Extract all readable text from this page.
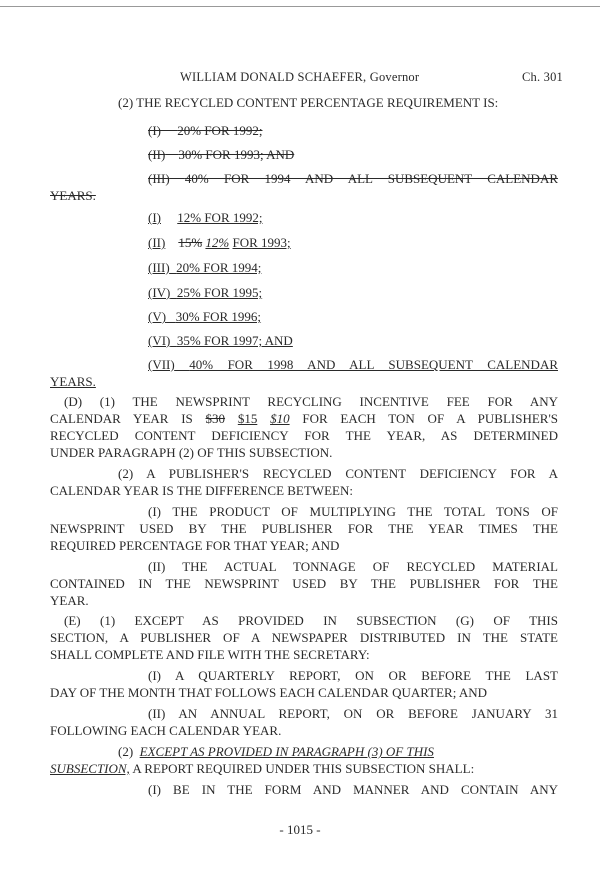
WILLIAM DONALD SCHAEFER, Governor	Ch. 301
(2) THE RECYCLED CONTENT PERCENTAGE REQUIREMENT IS:
(I) 20% FOR 1992;
(II) 30% FOR 1993; AND
(III) 40% FOR 1994 AND ALL SUBSEQUENT CALENDAR
YEARS.
(I) 12% FOR 1992;
(II) 15% 12% FOR 1993;
(III) 20% FOR 1994;
(IV) 25% FOR 1995;
(V) 30% FOR 1996;
(VI) 35% FOR 1997; AND
(VII) 40% FOR 1998 AND ALL SUBSEQUENT CALENDAR
YEARS.
(D) (1) THE NEWSPRINT RECYCLING INCENTIVE FEE FOR ANY
CALENDAR YEAR IS $30 $15 $10 FOR EACH TON OF A PUBLISHER'S
RECYCLED CONTENT DEFICIENCY FOR THE YEAR, AS DETERMINED
UNDER PARAGRAPH (2) OF THIS SUBSECTION.
(2) A PUBLISHER'S RECYCLED CONTENT DEFICIENCY FOR A
CALENDAR YEAR IS THE DIFFERENCE BETWEEN:
(I) THE PRODUCT OF MULTIPLYING THE TOTAL TONS OF
NEWSPRINT USED BY THE PUBLISHER FOR THE YEAR TIMES THE
REQUIRED PERCENTAGE FOR THAT YEAR; AND
(II) THE ACTUAL TONNAGE OF RECYCLED MATERIAL
CONTAINED IN THE NEWSPRINT USED BY THE PUBLISHER FOR THE
YEAR.
(E) (1) EXCEPT AS PROVIDED IN SUBSECTION (G) OF THIS
SECTION, A PUBLISHER OF A NEWSPAPER DISTRIBUTED IN THE STATE
SHALL COMPLETE AND FILE WITH THE SECRETARY:
(I) A QUARTERLY REPORT, ON OR BEFORE THE LAST
DAY OF THE MONTH THAT FOLLOWS EACH CALENDAR QUARTER; AND
(II) AN ANNUAL REPORT, ON OR BEFORE JANUARY 31
FOLLOWING EACH CALENDAR YEAR.
(2) EXCEPT AS PROVIDED IN PARAGRAPH (3) OF THIS
SUBSECTION, A REPORT REQUIRED UNDER THIS SUBSECTION SHALL:
(I) BE IN THE FORM AND MANNER AND CONTAIN ANY
- 1015 -
